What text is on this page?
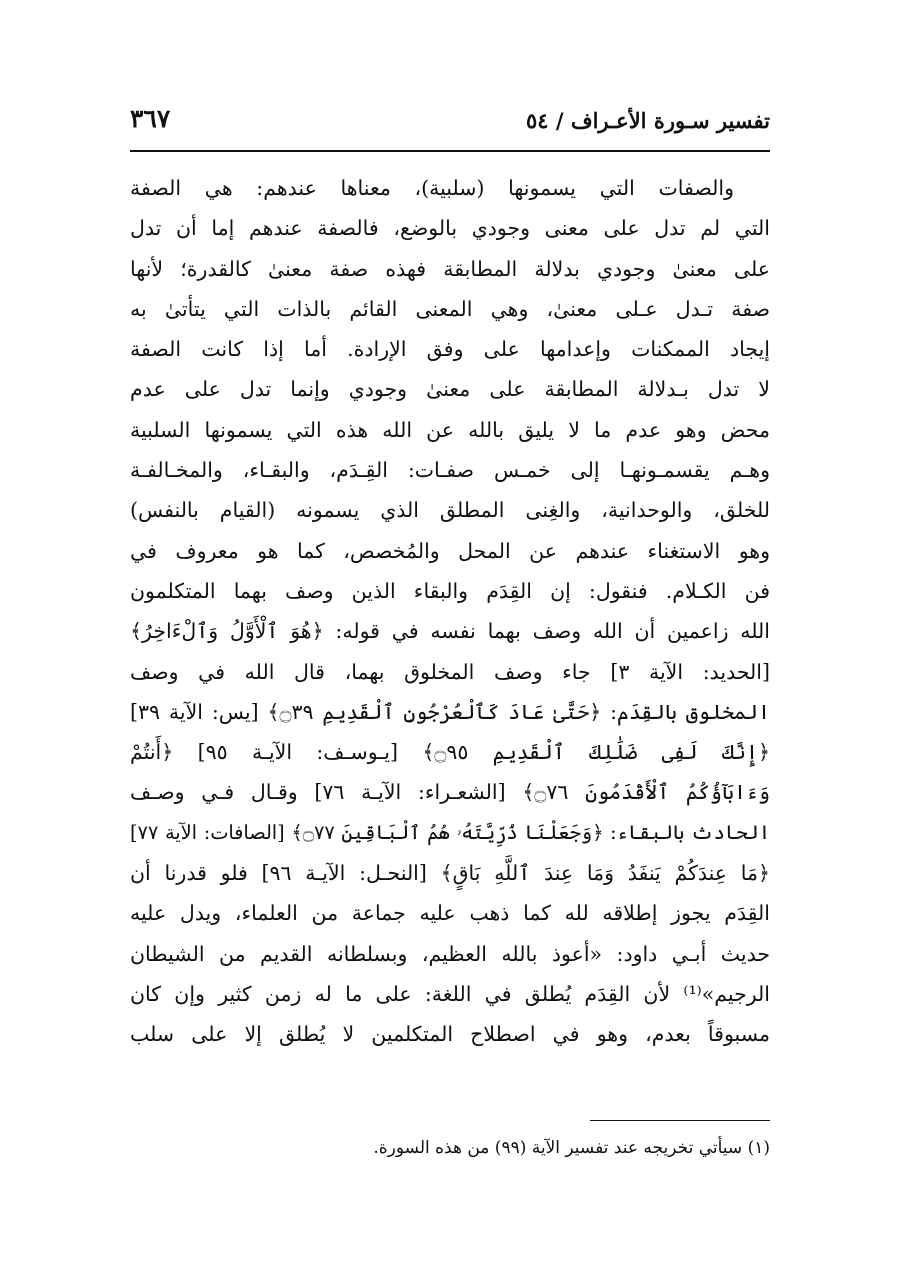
تفسير سـورة الأعـراف / ٥٤
٣٦٧
والصفات التي يسمونها (سلبية)، معناها عندهم: هي الصفة
التي لم تدل على معنى وجودي بالوضع، فالصفة عندهم إما أن تدل
على معنىٰ وجودي بدلالة المطابقة فهذه صفة معنىٰ كالقدرة؛ لأنها
صفة تـدل عـلى معنىٰ، وهي المعنى القائم بالذات التي يتأتىٰ به
إيجاد الممكنات وإعدامها على وفق الإرادة. أما إذا كانت الصفة
لا تدل بـدلالة المطابقة على معنىٰ وجودي وإنما تدل على عدم
محض وهو عدم ما لا يليق بالله عن الله هذه التي يسمونها السلبية
وهـم يقسمـونهـا إلى خمـس صفـات: القِـدَم، والبقـاء، والمخـالفـة
للخلق، والوحدانية، والغِنى المطلق الذي يسمونه (القيام بالنفس)
وهو الاستغناء عندهم عن المحل والمُخصص، كما هو معروف في
فن الكـلام. فنقول: إن القِدَم والبقاء الذين وصف بهما المتكلمون
الله زاعمين أن الله وصف بهما نفسه في قوله: ﴿هُوَ ٱلْأَوَّلُ وَٱلْءَاخِرُ﴾
[الحديد: الآية ٣] جاء وصف المخلوق بهما، قال الله في وصف
المخلوق بالقِدَم: ﴿حَتَّىٰ عَادَ كَٱلْعُرْجُونِ ٱلْقَدِيمِ ۝٣٩﴾ [يس: الآية ٣٩]
﴿إِنَّكَ لَفِى ضَلَٰلِكَ ٱلْقَدِيمِ ۝٩٥﴾ [يـوسـف: الآيـة ٩٥] ﴿أَنتُمْ
وَءَابَآؤُكُمُ ٱلْأَقْدَمُونَ ۝٧٦﴾ [الشعـراء: الآيـة ٧٦] وقـال فـي وصـف
الحادث بالبقاء: ﴿وَجَعَلْنَا ذُرِّيَّتَهُۥ هُمُ ٱلْبَاقِينَ ۝٧٧﴾ [الصافات: الآية ٧٧]
﴿مَا عِندَكُمْ يَنفَدُ وَمَا عِندَ ٱللَّهِ بَاقٍ﴾ [النحـل: الآيـة ٩٦] فلو قدرنا أن
القِدَم يجوز إطلاقه لله كما ذهب عليه جماعة من العلماء، ويدل عليه
حديث أبـي داود: «أعوذ بالله العظيم، وبسلطانه القديم من الشيطان
الرجيم»⁽¹⁾ لأن القِدَم يُطلق في اللغة: على ما له زمن كثير وإن كان
مسبوقاً بعدم، وهو في اصطلاح المتكلمين لا يُطلق إلا على سلب
(١) سيأتي تخريجه عند تفسير الآية (٩٩) من هذه السورة.
